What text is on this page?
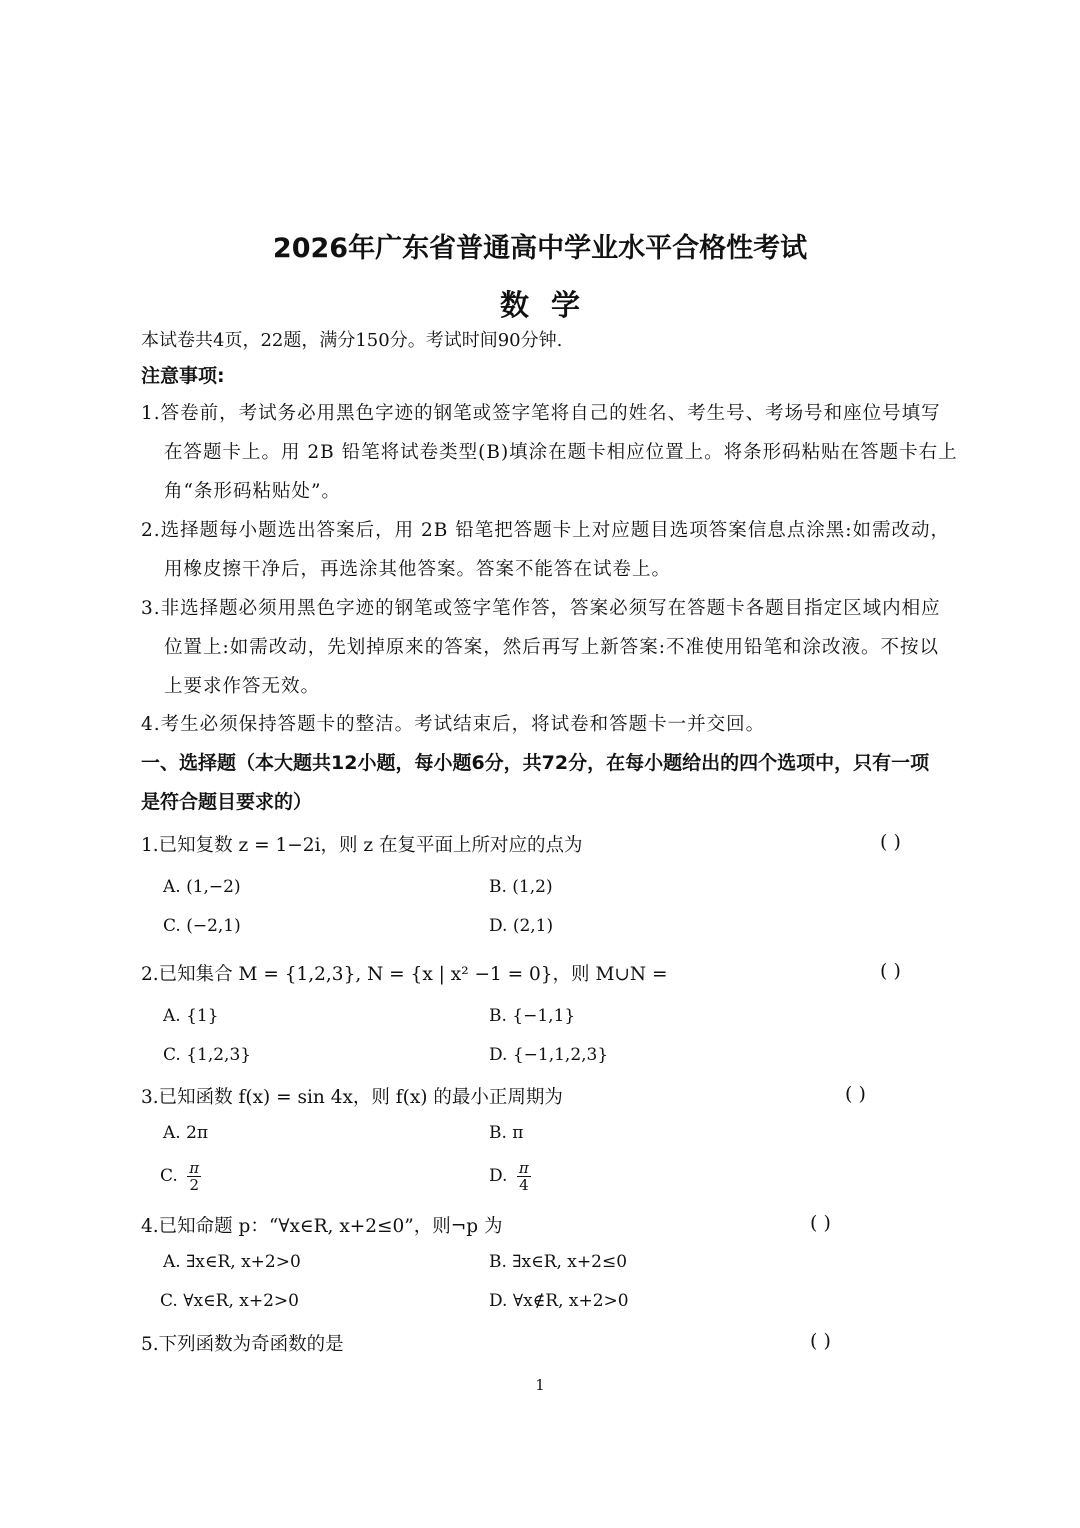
2026年广东省普通高中学业水平合格性考试
数学
本试卷共4页，22题，满分150分。考试时间90分钟.
注意事项:
1.答卷前，考试务必用黑色字迹的钢笔或签字笔将自己的姓名、考生号、考场号和座位号填写
在答题卡上。用 2B 铅笔将试卷类型(B)填涂在题卡相应位置上。将条形码粘贴在答题卡右上
角“条形码粘贴处”。
2.选择题每小题选出答案后，用 2B 铅笔把答题卡上对应题目选项答案信息点涂黑:如需改动，
用橡皮擦干净后，再选涂其他答案。答案不能答在试卷上。
3.非选择题必须用黑色字迹的钢笔或签字笔作答，答案必须写在答题卡各题目指定区域内相应
位置上:如需改动，先划掉原来的答案，然后再写上新答案:不准使用铅笔和涂改液。不按以
上要求作答无效。
4.考生必须保持答题卡的整洁。考试结束后，将试卷和答题卡一并交回。
一、选择题（本大题共12小题，每小题6分，共72分，在每小题给出的四个选项中，只有一项
是符合题目要求的）
1.已知复数 z = 1−2i，则 z 在复平面上所对应的点为	( )
A. (1,−2)	B. (1,2)
C. (−2,1)	D. (2,1)
2.已知集合 M = {1,2,3}, N = {x | x² −1 = 0}，则 M∪N =	( )
A. {1}	B. {−1,1}
C. {1,2,3}	D. {−1,1,2,3}
3.已知函数 f(x) = sin 4x，则 f(x) 的最小正周期为	( )
A. 2π	B. π
C. $\frac{\pi}{2}$	D. $\frac{\pi}{4}$
4.已知命题 p：“∀x∈R, x+2≤0”，则¬p 为	( )
A. ∃x∈R, x+2>0	B. ∃x∈R, x+2≤0
C. ∀x∈R, x+2>0	D. ∀x∉R, x+2>0
5.下列函数为奇函数的是	( )
1
